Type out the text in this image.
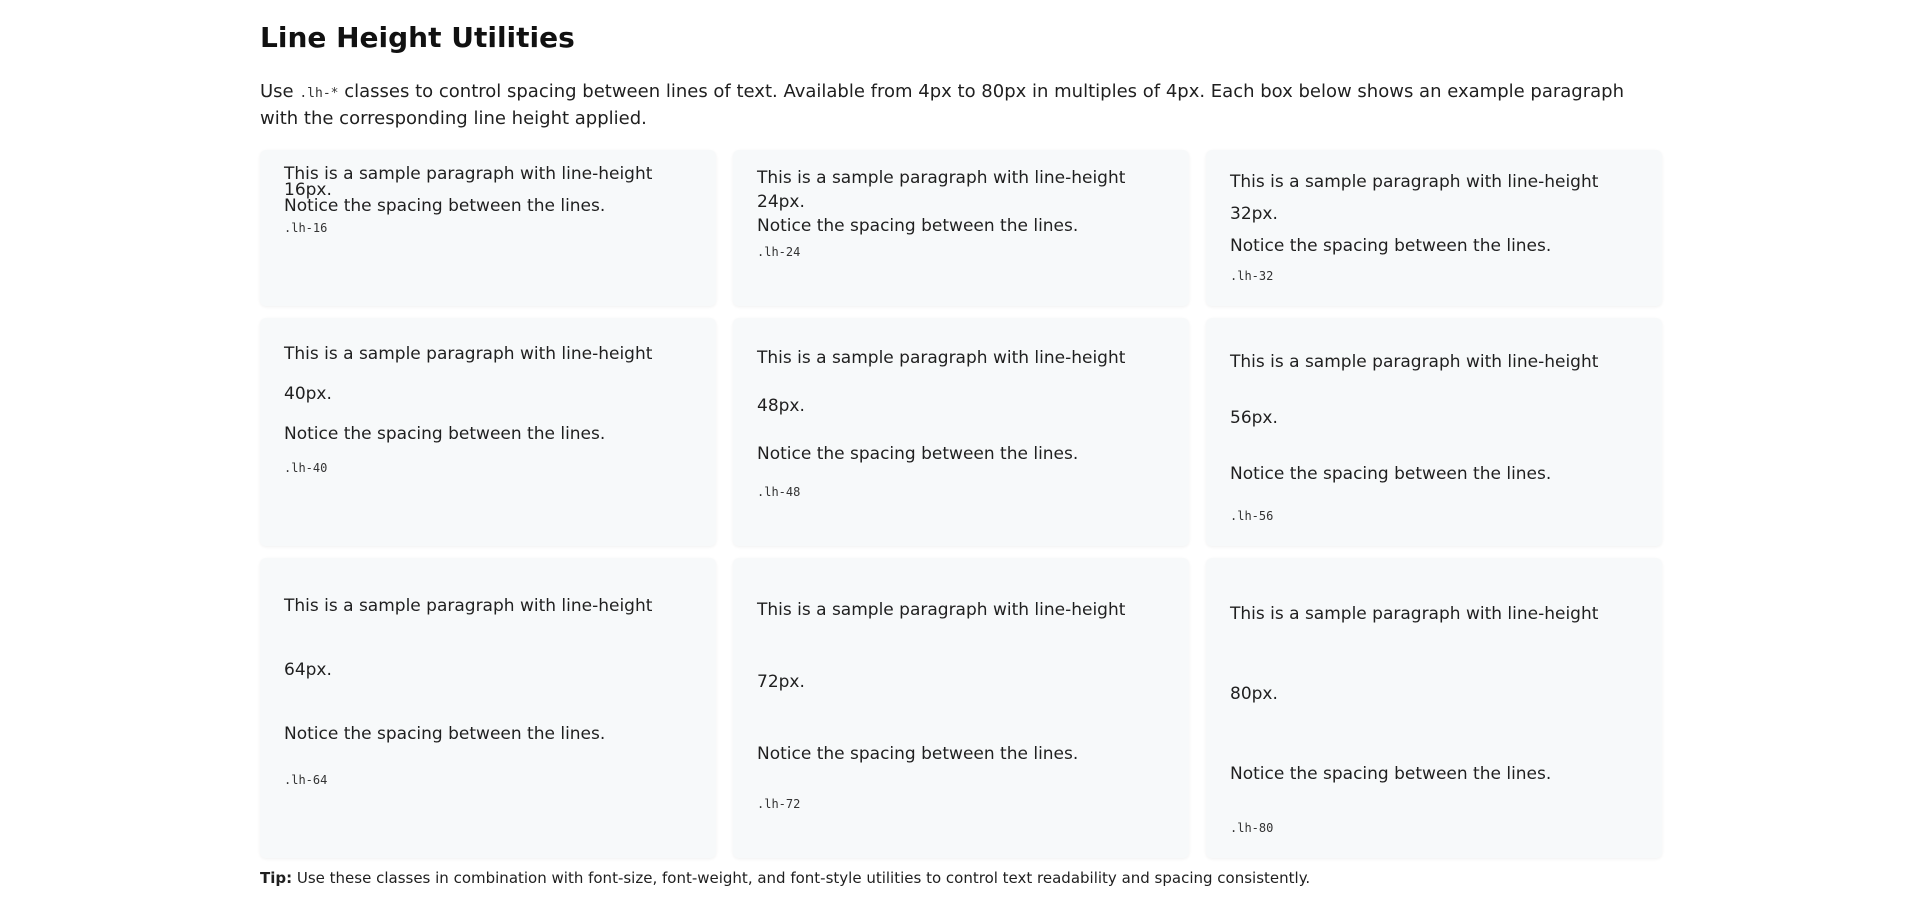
Line Height Utilities

Use .lh-* classes to control spacing between lines of text. Available from 4px to 80px in multiples of 4px. Each box below shows an example paragraph with the corresponding line height applied.

This is a sample paragraph with line-height 16px.
Notice the spacing between the lines.
.lh-16

This is a sample paragraph with line-height 24px.
Notice the spacing between the lines.
.lh-24

This is a sample paragraph with line-height 32px.
Notice the spacing between the lines.
.lh-32

This is a sample paragraph with line-height 40px.
Notice the spacing between the lines.
.lh-40

This is a sample paragraph with line-height 48px.
Notice the spacing between the lines.
.lh-48

This is a sample paragraph with line-height 56px.
Notice the spacing between the lines.
.lh-56

This is a sample paragraph with line-height 64px.
Notice the spacing between the lines.
.lh-64

This is a sample paragraph with line-height 72px.
Notice the spacing between the lines.
.lh-72

This is a sample paragraph with line-height 80px.
Notice the spacing between the lines.
.lh-80

Tip: Use these classes in combination with font-size, font-weight, and font-style utilities to control text readability and spacing consistently.
